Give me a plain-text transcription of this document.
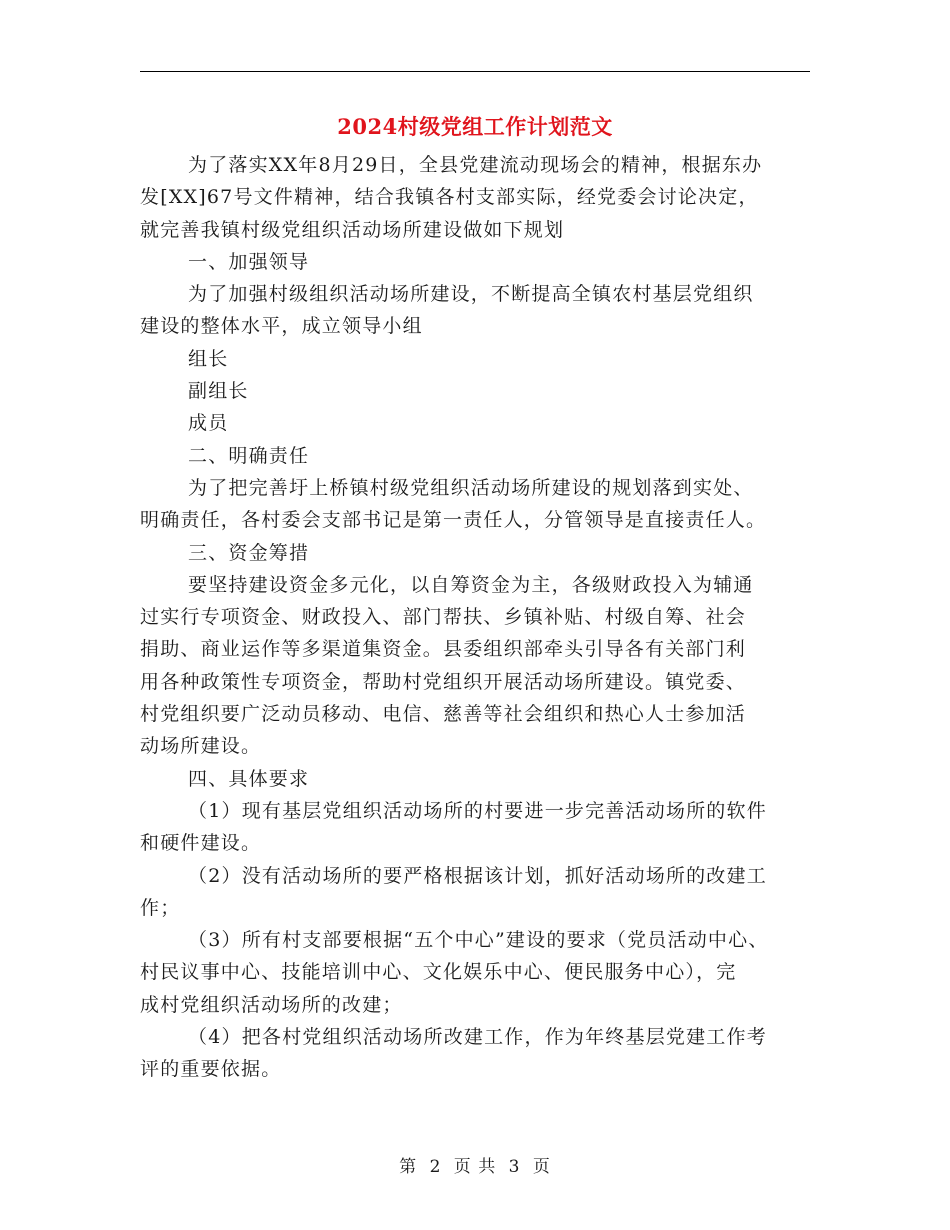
2024村级党组工作计划范文
为了落实XX年8月29日，全县党建流动现场会的精神，根据东办
发[XX]67号文件精神，结合我镇各村支部实际，经党委会讨论决定，
就完善我镇村级党组织活动场所建设做如下规划
一、加强领导
为了加强村级组织活动场所建设，不断提高全镇农村基层党组织
建设的整体水平，成立领导小组
组长
副组长
成员
二、明确责任
为了把完善圩上桥镇村级党组织活动场所建设的规划落到实处、
明确责任，各村委会支部书记是第一责任人，分管领导是直接责任人。
三、资金筹措
要坚持建设资金多元化，以自筹资金为主，各级财政投入为辅通
过实行专项资金、财政投入、部门帮扶、乡镇补贴、村级自筹、社会
捐助、商业运作等多渠道集资金。县委组织部牵头引导各有关部门利
用各种政策性专项资金，帮助村党组织开展活动场所建设。镇党委、
村党组织要广泛动员移动、电信、慈善等社会组织和热心人士参加活
动场所建设。
四、具体要求
（1）现有基层党组织活动场所的村要进一步完善活动场所的软件
和硬件建设。
（2）没有活动场所的要严格根据该计划，抓好活动场所的改建工
作；
（3）所有村支部要根据“五个中心”建设的要求（党员活动中心、
村民议事中心、技能培训中心、文化娱乐中心、便民服务中心），完
成村党组织活动场所的改建；
（4）把各村党组织活动场所改建工作，作为年终基层党建工作考
评的重要依据。
第 2 页 共 3 页
